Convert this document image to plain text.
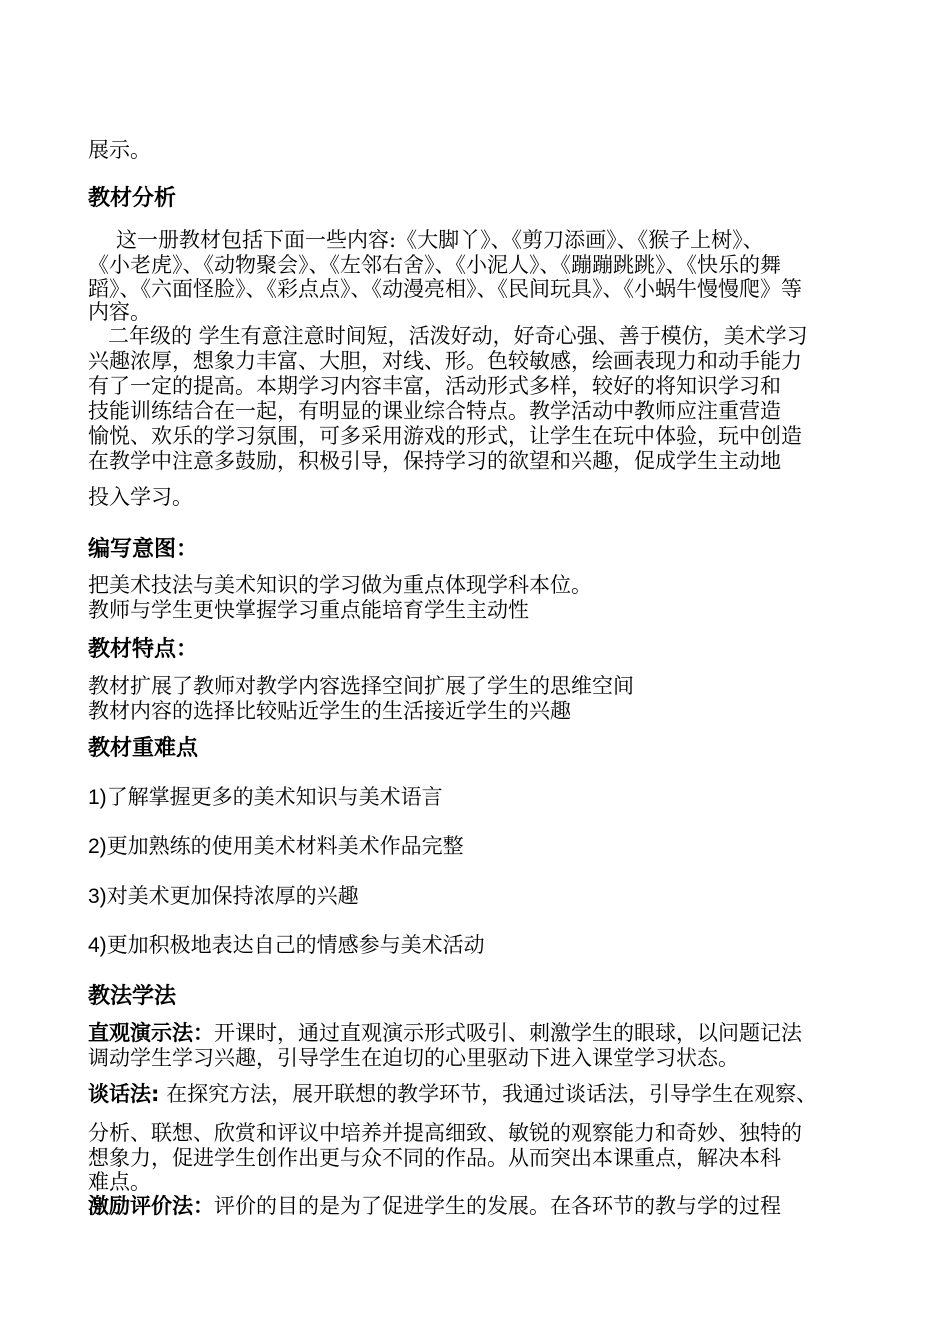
展示。
教材分析
这一册教材包括下面一些内容:《大脚丫》、《剪刀添画》、《猴子上树》、
《小老虎》、《动物聚会》、《左邻右舍》、《小泥人》、《蹦蹦跳跳》、《快乐的舞
蹈》、《六面怪脸》、《彩点点》、《动漫亮相》、《民间玩具》、《小蜗牛慢慢爬》等
内容。
二年级的 学生有意注意时间短，活泼好动，好奇心强、善于模仿，美术学习
兴趣浓厚，想象力丰富、大胆，对线、形。色较敏感，绘画表现力和动手能力
有了一定的提高。本期学习内容丰富，活动形式多样，较好的将知识学习和
技能训练结合在一起，有明显的课业综合特点。教学活动中教师应注重营造
愉悦、欢乐的学习氛围，可多采用游戏的形式，让学生在玩中体验，玩中创造
在教学中注意多鼓励，积极引导，保持学习的欲望和兴趣，促成学生主动地
投入学习。
编写意图：
把美术技法与美术知识的学习做为重点体现学科本位。
教师与学生更快掌握学习重点能培育学生主动性
教材特点：
教材扩展了教师对教学内容选择空间扩展了学生的思维空间
教材内容的选择比较贴近学生的生活接近学生的兴趣
教材重难点
1)了解掌握更多的美术知识与美术语言
2)更加熟练的使用美术材料美术作品完整
3)对美术更加保持浓厚的兴趣
4)更加积极地表达自己的情感参与美术活动
教法学法
直观演示法：开课时，通过直观演示形式吸引、刺激学生的眼球，以问题记法
调动学生学习兴趣，引导学生在迫切的心里驱动下进入课堂学习状态。
谈话法: 在探究方法，展开联想的教学环节，我通过谈话法，引导学生在观察、
分析、联想、欣赏和评议中培养并提高细致、敏锐的观察能力和奇妙、独特的
想象力，促进学生创作出更与众不同的作品。从而突出本课重点，解决本科
难点。
激励评价法：评价的目的是为了促进学生的发展。在各环节的教与学的过程
